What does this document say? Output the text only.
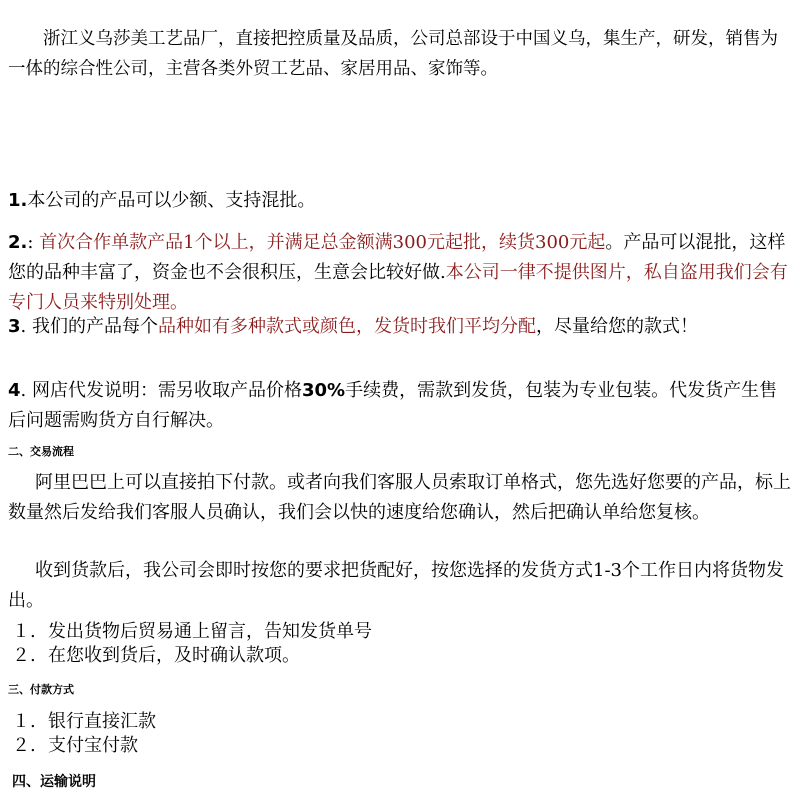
浙江义乌莎美工艺品厂，直接把控质量及品质，公司总部设于中国义乌，集生产，研发，销售为一体的综合性公司，主营各类外贸工艺品、家居用品、家饰等。

1.本公司的产品可以少额、支持混批。

2.: 首次合作单款产品1个以上，并满足总金额满300元起批，续货300元起。产品可以混批，这样您的品种丰富了，资金也不会很积压，生意会比较好做.本公司一律不提供图片，私自盗用我们会有专门人员来特别处理。

3. 我们的产品每个品种如有多种款式或颜色，发货时我们平均分配，尽量给您的款式！

4. 网店代发说明：需另收取产品价格30%手续费，需款到发货，包装为专业包装。代发货产生售后问题需购货方自行解决。

二、交易流程

阿里巴巴上可以直接拍下付款。或者向我们客服人员索取订单格式，您先选好您要的产品，标上数量然后发给我们客服人员确认，我们会以快的速度给您确认，然后把确认单给您复核。

收到货款后，我公司会即时按您的要求把货配好，按您选择的发货方式1-3个工作日内将货物发出。

１. 发出货物后贸易通上留言，告知发货单号
２. 在您收到货后，及时确认款项。
三、付款方式
１. 银行直接汇款
２. 支付宝付款
四、运输说明
